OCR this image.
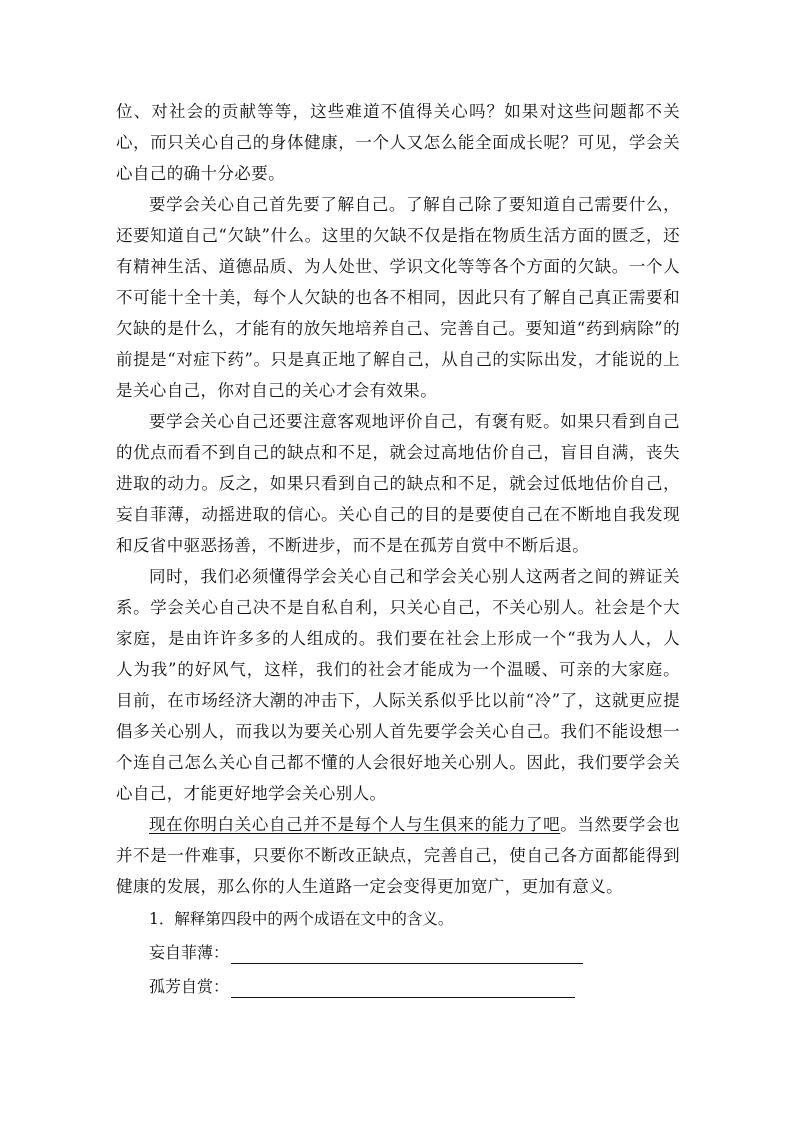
位、对社会的贡献等等，这些难道不值得关心吗？如果对这些问题都不关心，而只关心自己的身体健康，一个人又怎么能全面成长呢？可见，学会关心自己的确十分必要。

要学会关心自己首先要了解自己。了解自己除了要知道自己需要什么，还要知道自己“欠缺”什么。这里的欠缺不仅是指在物质生活方面的匮乏，还有精神生活、道德品质、为人处世、学识文化等等各个方面的欠缺。一个人不可能十全十美，每个人欠缺的也各不相同，因此只有了解自己真正需要和欠缺的是什么，才能有的放矢地培养自己、完善自己。要知道“药到病除”的前提是“对症下药”。只是真正地了解自己，从自己的实际出发，才能说的上是关心自己，你对自己的关心才会有效果。

要学会关心自己还要注意客观地评价自己，有褒有贬。如果只看到自己的优点而看不到自己的缺点和不足，就会过高地估价自己，盲目自满，丧失进取的动力。反之，如果只看到自己的缺点和不足，就会过低地估价自己，妄自菲薄，动摇进取的信心。关心自己的目的是要使自己在不断地自我发现和反省中驱恶扬善，不断进步，而不是在孤芳自赏中不断后退。

同时，我们必须懂得学会关心自己和学会关心别人这两者之间的辨证关系。学会关心自己决不是自私自利，只关心自己，不关心别人。社会是个大家庭，是由许许多多的人组成的。我们要在社会上形成一个“我为人人，人人为我”的好风气，这样，我们的社会才能成为一个温暖、可亲的大家庭。目前，在市场经济大潮的冲击下，人际关系似乎比以前“冷”了，这就更应提倡多关心别人，而我以为要关心别人首先要学会关心自己。我们不能设想一个连自己怎么关心自己都不懂的人会很好地关心别人。因此，我们要学会关心自己，才能更好地学会关心别人。

现在你明白关心自己并不是每个人与生俱来的能力了吧。当然要学会也并不是一件难事，只要你不断改正缺点，完善自己，使自己各方面都能得到健康的发展，那么你的人生道路一定会变得更加宽广，更加有意义。

1．解释第四段中的两个成语在文中的含义。

妄自菲薄：
孤芳自赏：
